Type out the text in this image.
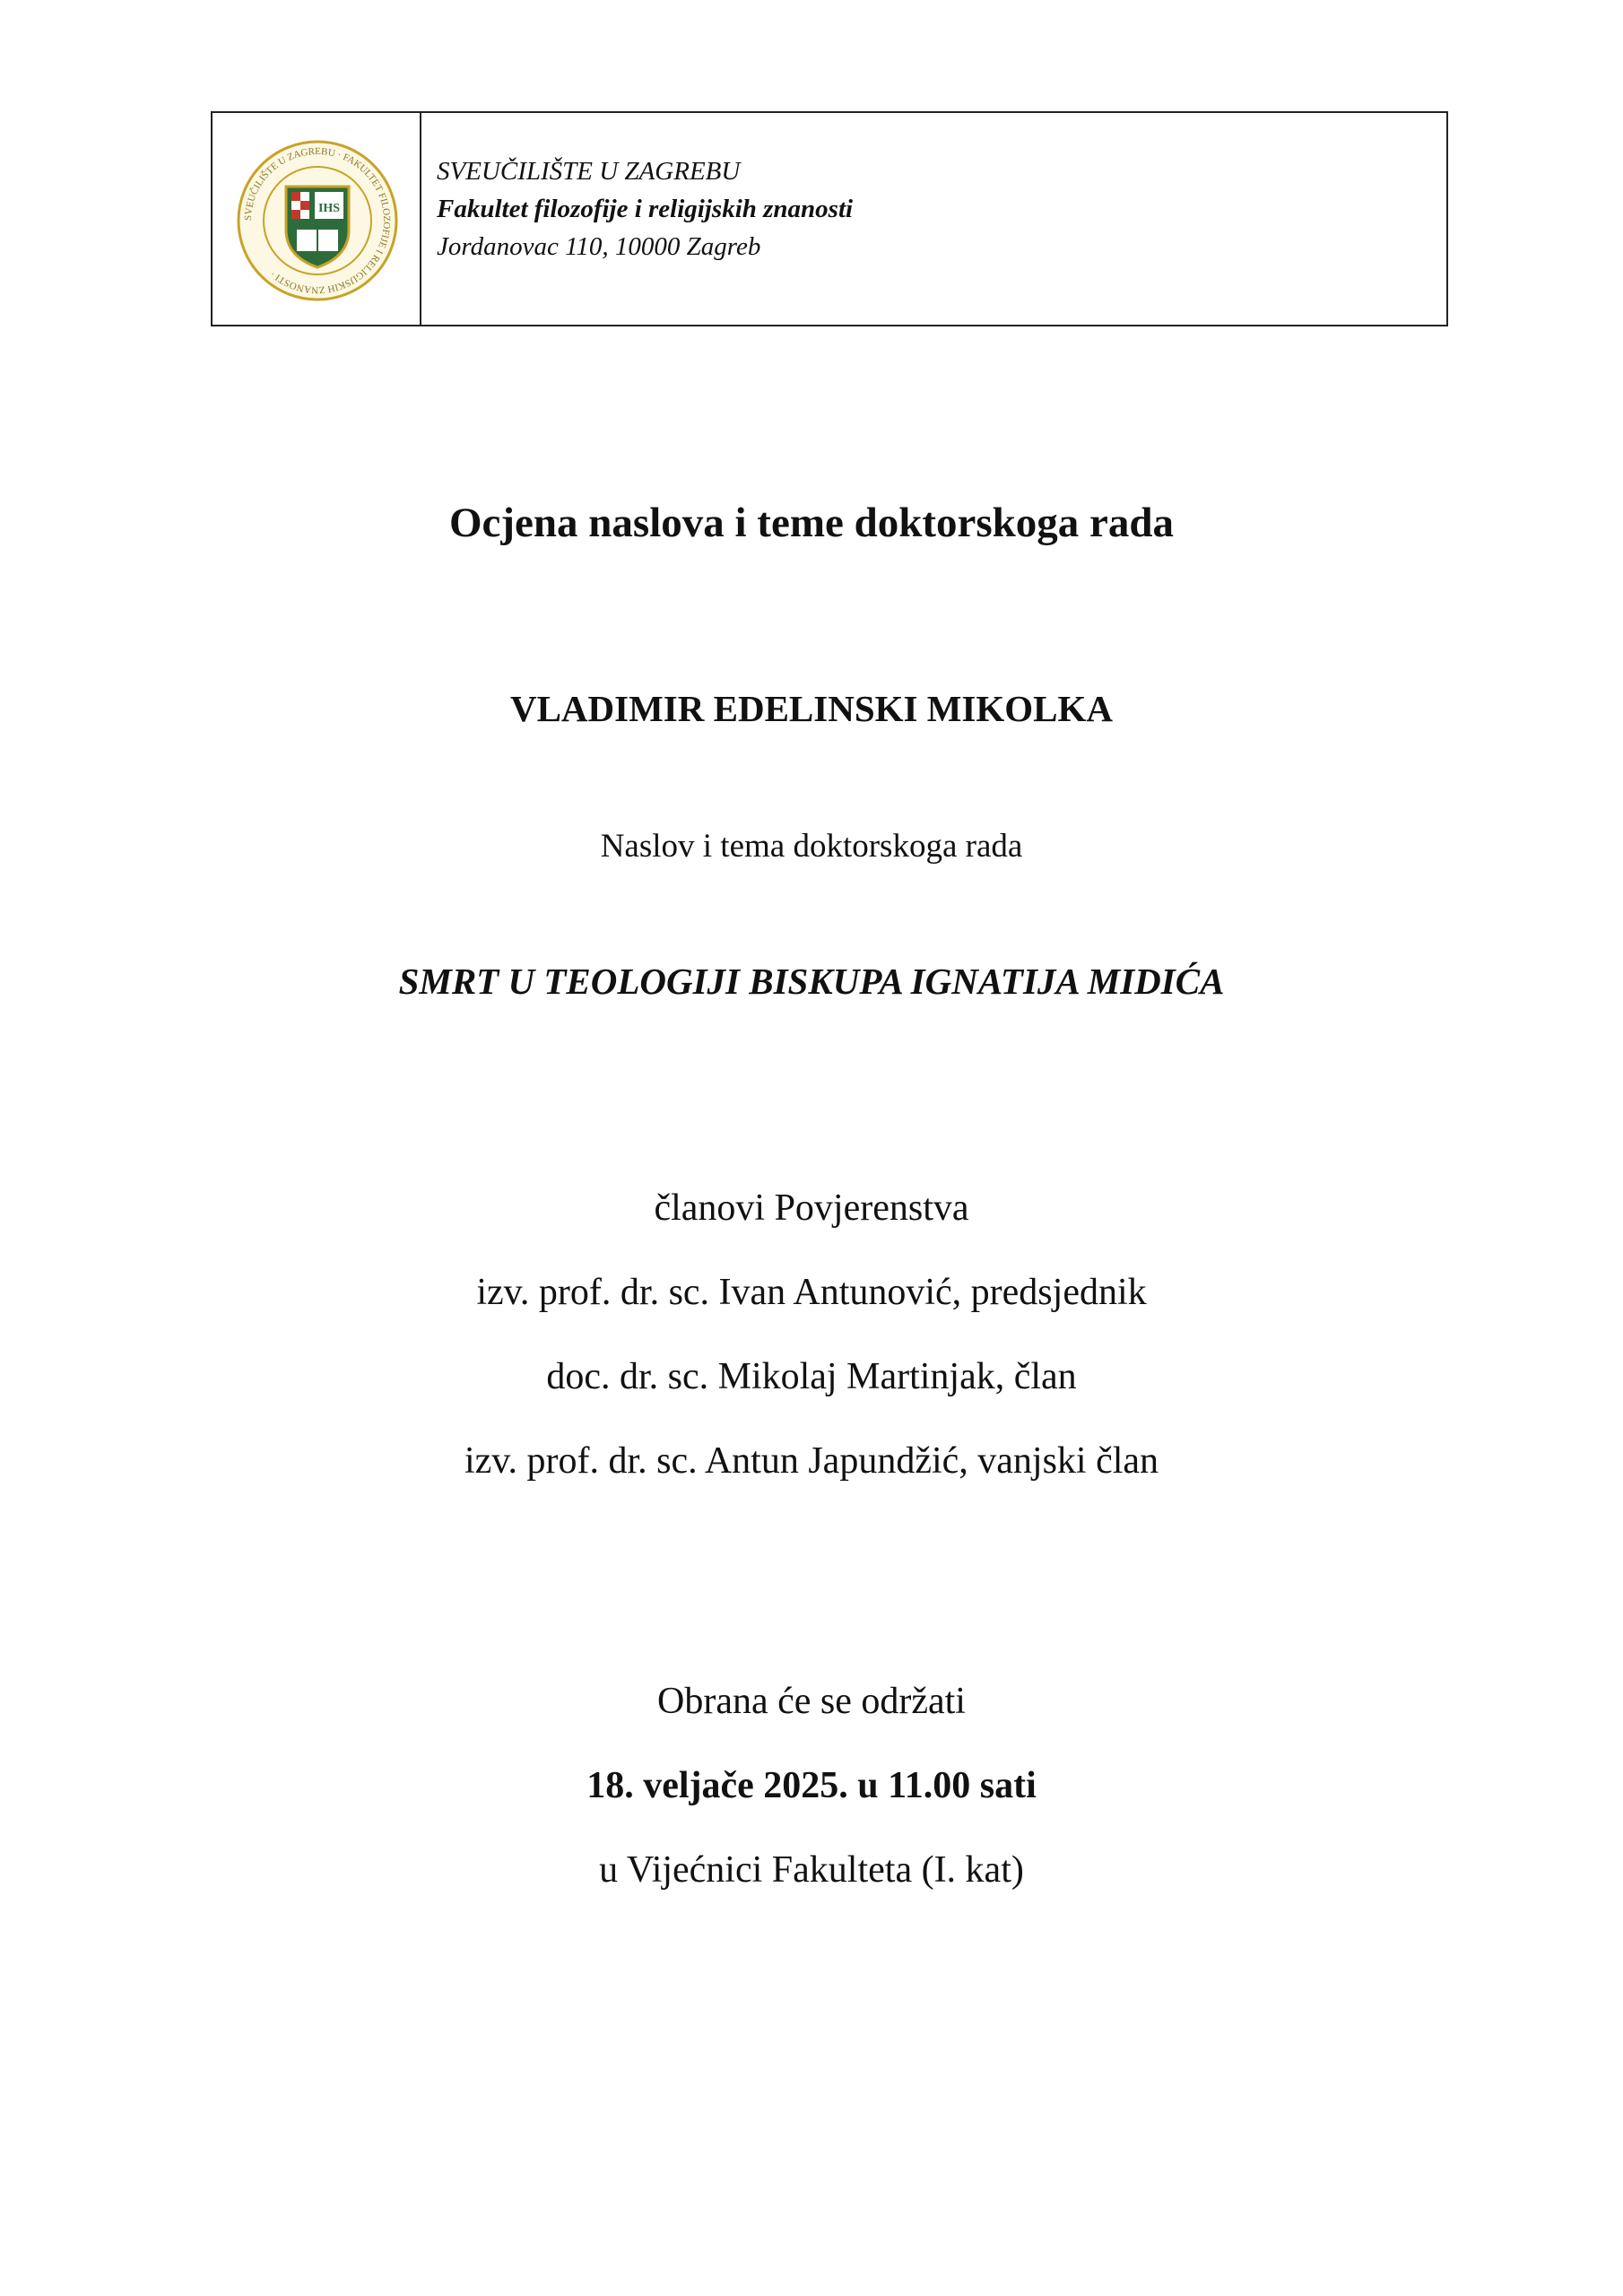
SVEUČILIŠTE U ZAGREBU · FAKULTET FILOZOFIJE I RELIGIJSKIH ZNANOSTI ·
IHS
SVEUČILIŠTE U ZAGREBU
Fakultet filozofije i religijskih znanosti
Jordanovac 110, 10000 Zagreb
Ocjena naslova i teme doktorskoga rada
VLADIMIR EDELINSKI MIKOLKA
Naslov i tema doktorskoga rada
SMRT U TEOLOGIJI BISKUPA IGNATIJA MIDIĆA
članovi Povjerenstva
izv. prof. dr. sc. Ivan Antunović, predsjednik
doc. dr. sc. Mikolaj Martinjak, član
izv. prof. dr. sc. Antun Japundžić, vanjski član
Obrana će se održati
18. veljače 2025. u 11.00 sati
u Vijećnici Fakulteta (I. kat)
